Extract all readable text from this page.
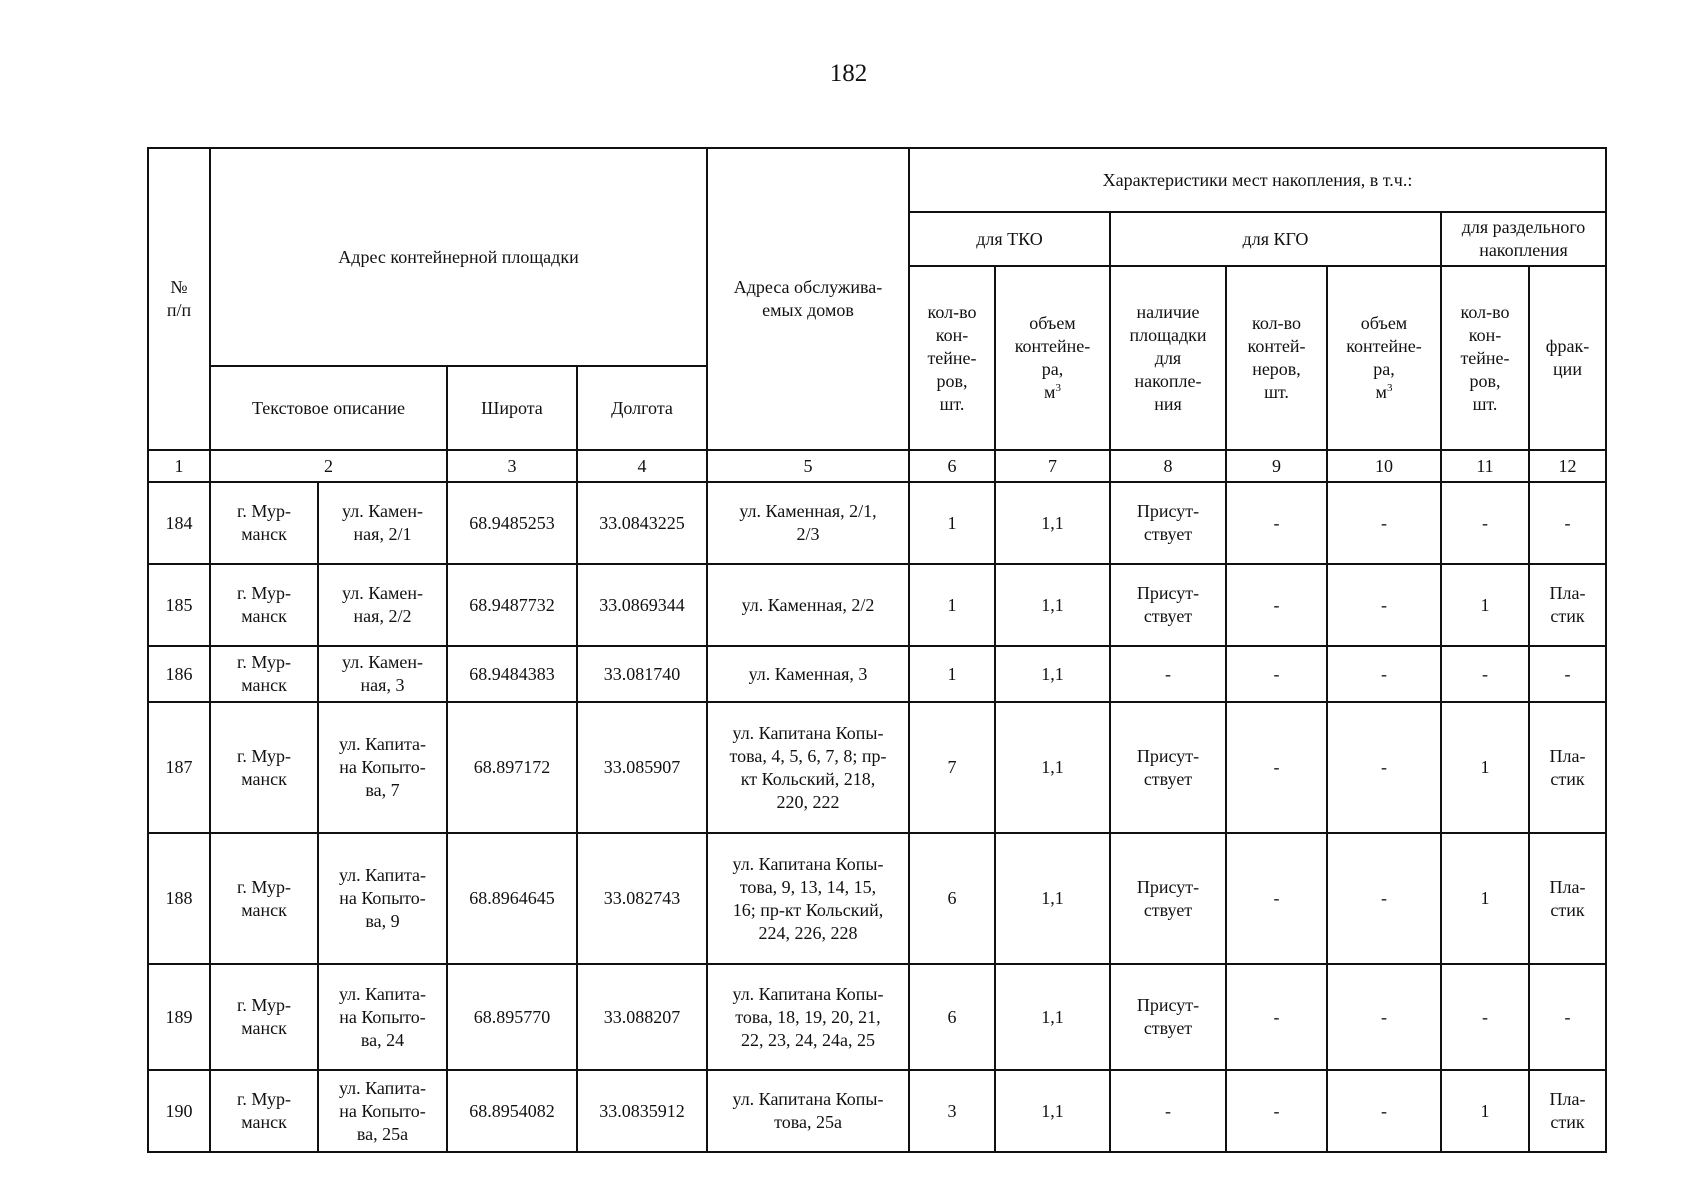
182
№
п/п	Адрес контейнерной площадки				Адреса обслужива-
емых домов	Характеристики мест накопления, в т.ч.:						
						для ТКО		для КГО			для раздельного
накопления	
						кол-во
кон-
тейне-
ров,
шт.	объем
контейне-
ра,
$м^3$	наличие
площадки
для
накопле-
ния	кол-во
контей-
неров,
шт.	объем
контейне-
ра,
$м^3$	кол-во
кон-
тейне-
ров,
шт.	фрак-
ции
	Текстовое описание		Широта	Долгота								
1	2		3	4	5	6	7	8	9	10	11	12
184	г. Мур-
манск	ул. Камен-
ная, 2/1	68.9485253	33.0843225	ул. Каменная, 2/1,
2/3	1	1,1	Присут-
ствует	-	-	-	-
185	г. Мур-
манск	ул. Камен-
ная, 2/2	68.9487732	33.0869344	ул. Каменная, 2/2	1	1,1	Присут-
ствует	-	-	1	Пла-
стик
186	г. Мур-
манск	ул. Камен-
ная, 3	68.9484383	33.081740	ул. Каменная, 3	1	1,1	-	-	-	-	-
187	г. Мур-
манск	ул. Капита-
на Копыто-
ва, 7	68.897172	33.085907	ул. Капитана Копы-
това, 4, 5, 6, 7, 8; пр-
кт Кольский, 218,
220, 222	7	1,1	Присут-
ствует	-	-	1	Пла-
стик
188	г. Мур-
манск	ул. Капита-
на Копыто-
ва, 9	68.8964645	33.082743	ул. Капитана Копы-
това, 9, 13, 14, 15,
16; пр-кт Кольский,
224, 226, 228	6	1,1	Присут-
ствует	-	-	1	Пла-
стик
189	г. Мур-
манск	ул. Капита-
на Копыто-
ва, 24	68.895770	33.088207	ул. Капитана Копы-
това, 18, 19, 20, 21,
22, 23, 24, 24а, 25	6	1,1	Присут-
ствует	-	-	-	-
190	г. Мур-
манск	ул. Капита-
на Копыто-
ва, 25а	68.8954082	33.0835912	ул. Капитана Копы-
това, 25а	3	1,1	-	-	-	1	Пла-
стик
